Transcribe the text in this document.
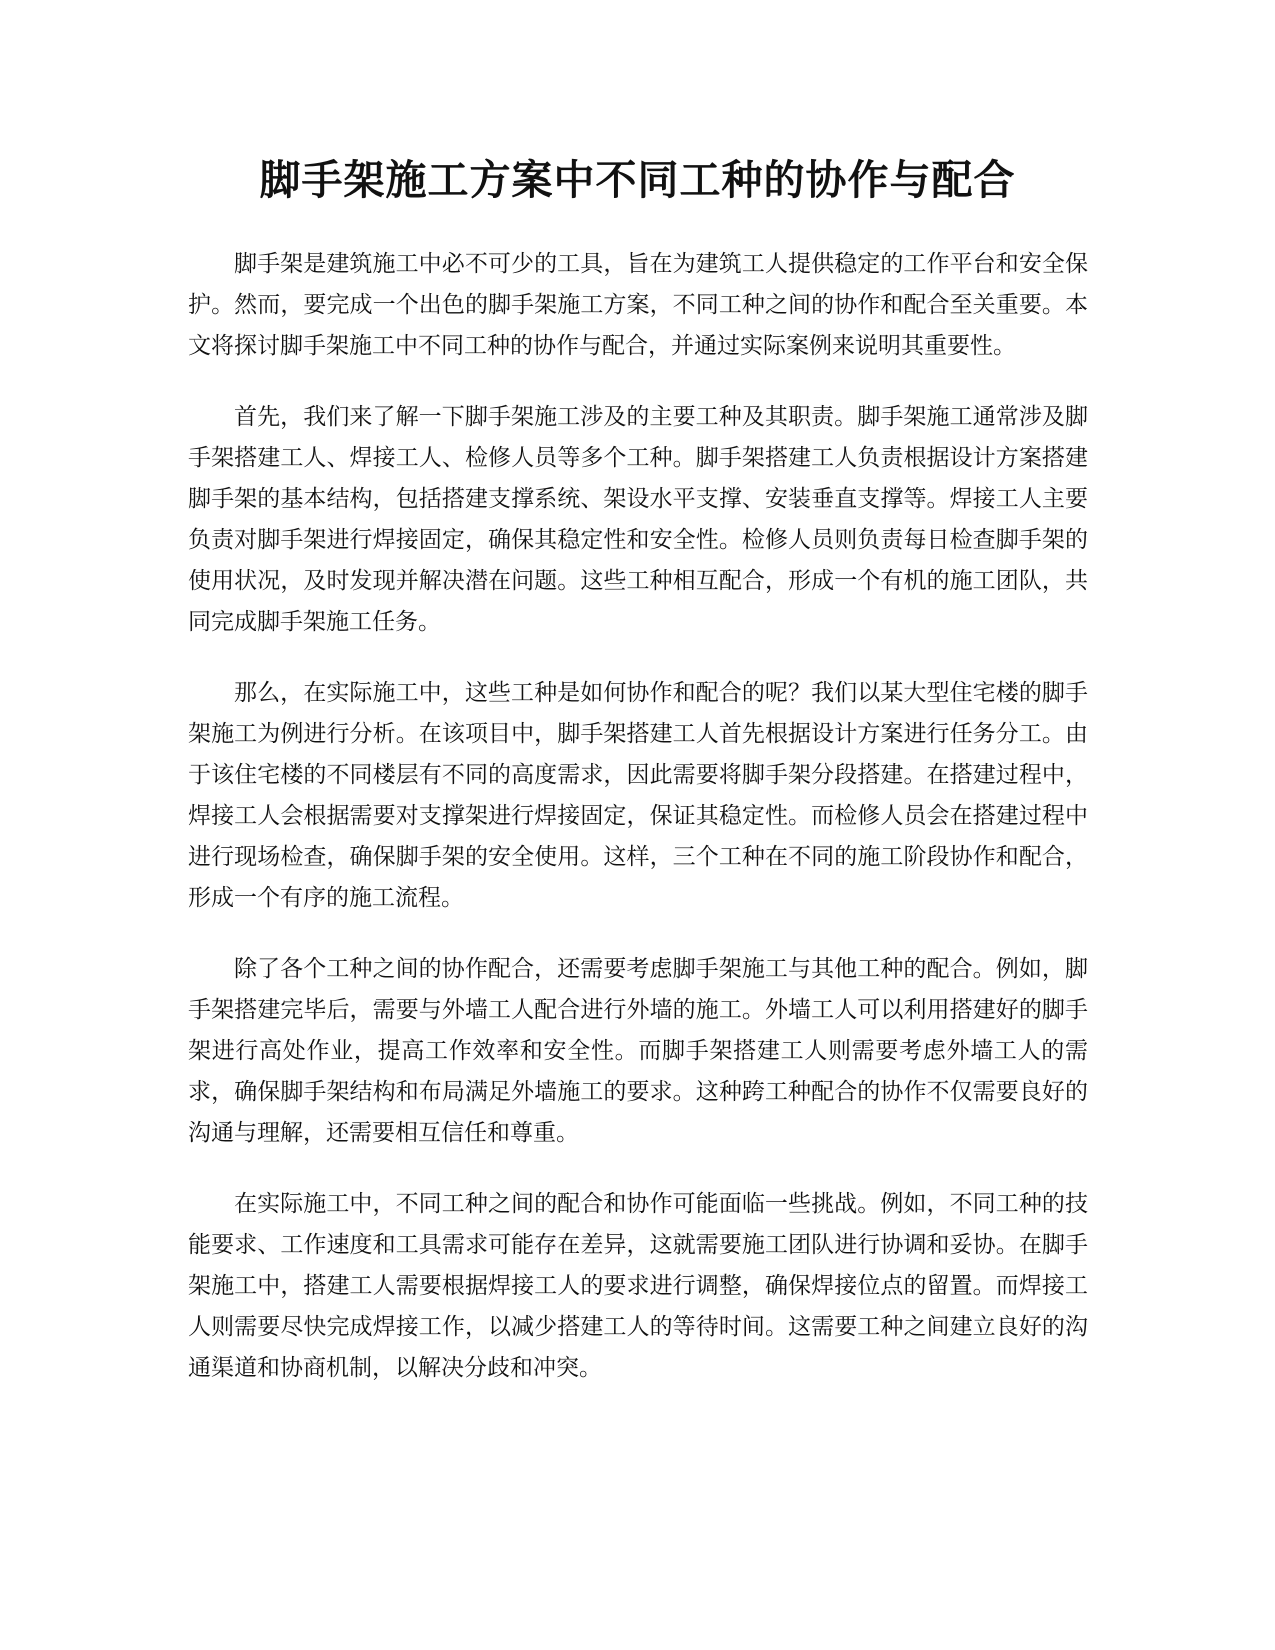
脚手架施工方案中不同工种的协作与配合

脚手架是建筑施工中必不可少的工具，旨在为建筑工人提供稳定的工作平台和安全保护。然而，要完成一个出色的脚手架施工方案，不同工种之间的协作和配合至关重要。本文将探讨脚手架施工中不同工种的协作与配合，并通过实际案例来说明其重要性。

首先，我们来了解一下脚手架施工涉及的主要工种及其职责。脚手架施工通常涉及脚手架搭建工人、焊接工人、检修人员等多个工种。脚手架搭建工人负责根据设计方案搭建脚手架的基本结构，包括搭建支撑系统、架设水平支撑、安装垂直支撑等。焊接工人主要负责对脚手架进行焊接固定，确保其稳定性和安全性。检修人员则负责每日检查脚手架的使用状况，及时发现并解决潜在问题。这些工种相互配合，形成一个有机的施工团队，共同完成脚手架施工任务。

那么，在实际施工中，这些工种是如何协作和配合的呢？我们以某大型住宅楼的脚手架施工为例进行分析。在该项目中，脚手架搭建工人首先根据设计方案进行任务分工。由于该住宅楼的不同楼层有不同的高度需求，因此需要将脚手架分段搭建。在搭建过程中，焊接工人会根据需要对支撑架进行焊接固定，保证其稳定性。而检修人员会在搭建过程中进行现场检查，确保脚手架的安全使用。这样，三个工种在不同的施工阶段协作和配合，形成一个有序的施工流程。

除了各个工种之间的协作配合，还需要考虑脚手架施工与其他工种的配合。例如，脚手架搭建完毕后，需要与外墙工人配合进行外墙的施工。外墙工人可以利用搭建好的脚手架进行高处作业，提高工作效率和安全性。而脚手架搭建工人则需要考虑外墙工人的需求，确保脚手架结构和布局满足外墙施工的要求。这种跨工种配合的协作不仅需要良好的沟通与理解，还需要相互信任和尊重。

在实际施工中，不同工种之间的配合和协作可能面临一些挑战。例如，不同工种的技能要求、工作速度和工具需求可能存在差异，这就需要施工团队进行协调和妥协。在脚手架施工中，搭建工人需要根据焊接工人的要求进行调整，确保焊接位点的留置。而焊接工人则需要尽快完成焊接工作，以减少搭建工人的等待时间。这需要工种之间建立良好的沟通渠道和协商机制，以解决分歧和冲突。
